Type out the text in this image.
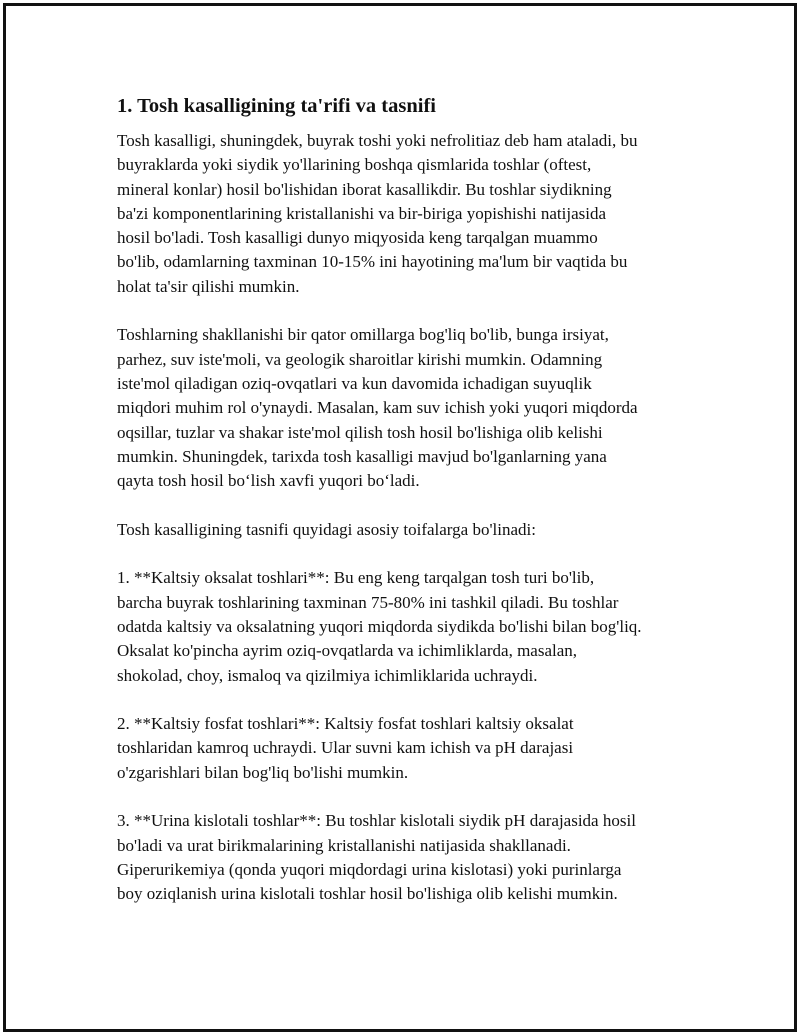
1. Tosh kasalligining ta'rifi va tasnifi
Tosh kasalligi, shuningdek, buyrak toshi yoki nefrolitiaz deb ham ataladi, bu
buyraklarda yoki siydik yo'llarining boshqa qismlarida toshlar (oftest,
mineral konlar) hosil bo'lishidan iborat kasallikdir. Bu toshlar siydikning
ba'zi komponentlarining kristallanishi va bir-biriga yopishishi natijasida
hosil bo'ladi. Tosh kasalligi dunyo miqyosida keng tarqalgan muammo
bo'lib, odamlarning taxminan 10-15% ini hayotining ma'lum bir vaqtida bu
holat ta'sir qilishi mumkin.
Toshlarning shakllanishi bir qator omillarga bog'liq bo'lib, bunga irsiyat,
parhez, suv iste'moli, va geologik sharoitlar kirishi mumkin. Odamning
iste'mol qiladigan oziq-ovqatlari va kun davomida ichadigan suyuqlik
miqdori muhim rol o'ynaydi. Masalan, kam suv ichish yoki yuqori miqdorda
oqsillar, tuzlar va shakar iste'mol qilish tosh hosil bo'lishiga olib kelishi
mumkin. Shuningdek, tarixda tosh kasalligi mavjud bo'lganlarning yana
qayta tosh hosil bo‘lish xavfi yuqori bo‘ladi.
Tosh kasalligining tasnifi quyidagi asosiy toifalarga bo'linadi:
1. **Kaltsiy oksalat toshlari**: Bu eng keng tarqalgan tosh turi bo'lib,
barcha buyrak toshlarining taxminan 75-80% ini tashkil qiladi. Bu toshlar
odatda kaltsiy va oksalatning yuqori miqdorda siydikda bo'lishi bilan bog'liq.
Oksalat ko'pincha ayrim oziq-ovqatlarda va ichimliklarda, masalan,
shokolad, choy, ismaloq va qizilmiya ichimliklarida uchraydi.
2. **Kaltsiy fosfat toshlari**: Kaltsiy fosfat toshlari kaltsiy oksalat
toshlaridan kamroq uchraydi. Ular suvni kam ichish va pH darajasi
o'zgarishlari bilan bog'liq bo'lishi mumkin.
3. **Urina kislotali toshlar**: Bu toshlar kislotali siydik pH darajasida hosil
bo'ladi va urat birikmalarining kristallanishi natijasida shakllanadi.
Giperurikemiya (qonda yuqori miqdordagi urina kislotasi) yoki purinlarga
boy oziqlanish urina kislotali toshlar hosil bo'lishiga olib kelishi mumkin.
